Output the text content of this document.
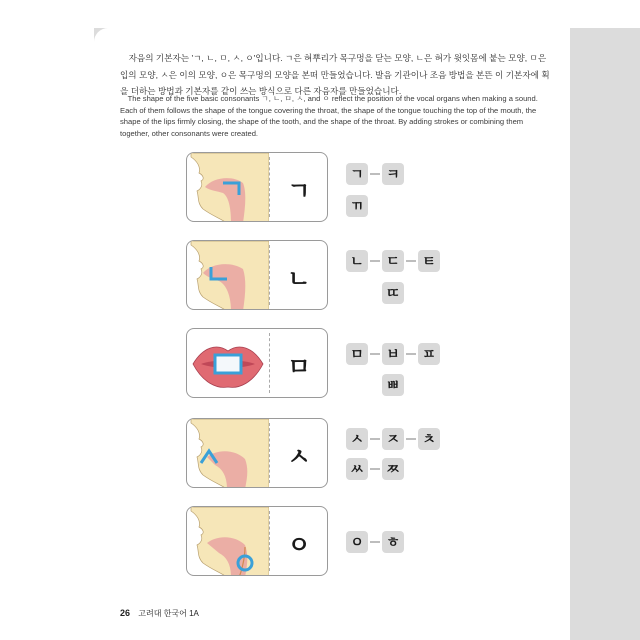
자음의 기본자는 'ㄱ, ㄴ, ㅁ, ㅅ, ㅇ'입니다. ㄱ은 혀뿌리가 목구멍을 닫는 모양, ㄴ은 혀가 윗잇몸에 붙는 모양, ㅁ은 입의 모양, ㅅ은 이의 모양, ㅇ은 목구멍의 모양을 본떠 만들었습니다. 발음 기관이나 조음 방법을 본뜬 이 기본자에 획을 더하는 방법과 기본자를 같이 쓰는 방식으로 다른 자음자를 만들었습니다.

The shape of the five basic consonants ㄱ, ㄴ, ㅁ, ㅅ, and ㅇ reflect the position of the vocal organs when making a sound. Each of them follows the shape of the tongue covering the throat, the shape of the tongue touching the top of the mouth, the shape of the lips firmly closing, the shape of the tooth, and the shape of the throat. By adding strokes or combining them together, other consonants were created.

ㄱ
ㄱ	ㅋ
ㄲ
ㄴ
ㄴ	ㄷ	ㅌ
ㄸ
ㅁ	ㅁ	ㅂ	ㅍ
ㅃ
ㅅ
ㅅ	ㅈ	ㅊ
ㅆ	ㅉ
ㅇ	ㅇ	ㅎ
26 고려대 한국어 1A
